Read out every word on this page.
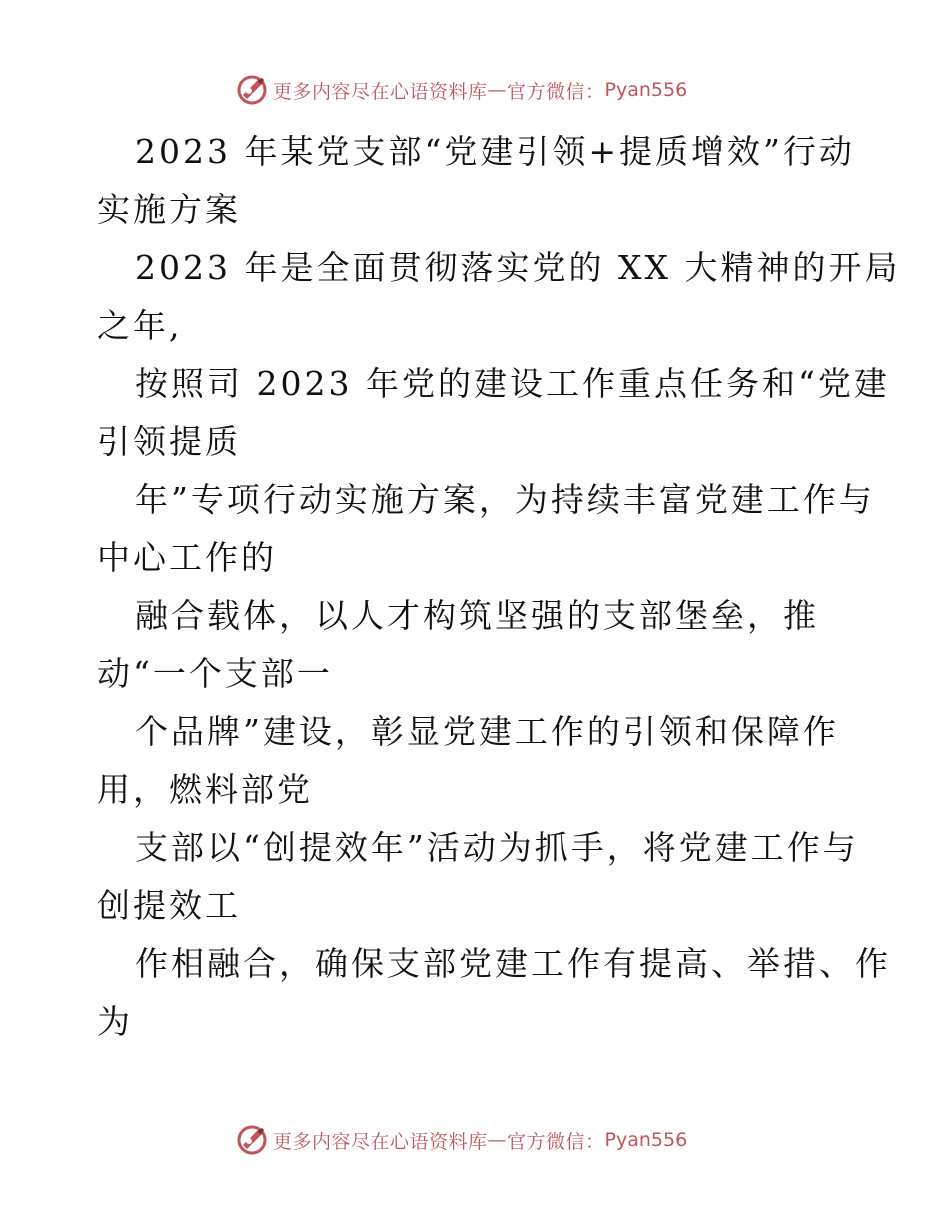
更多内容尽在心语资料库 — 官方微信： Pyan556

2023 年某党支部“党建引领+提质增效”行动

实施方案

2023 年是全面贯彻落实党的 XX 大精神的开局

之年,

按照司 2023 年党的建设工作重点任务和“党建

引领提质

年”专项行动实施方案，为持续丰富党建工作与

中心工作的

融合载体，以人才构筑坚强的支部堡垒，推

动“一个支部一

个品牌”建设，彰显党建工作的引领和保障作

用，燃料部党

支部以“创提效年”活动为抓手，将党建工作与

创提效工

作相融合，确保支部党建工作有提高、举措、作

为

更多内容尽在心语资料库 — 官方微信： Pyan556
